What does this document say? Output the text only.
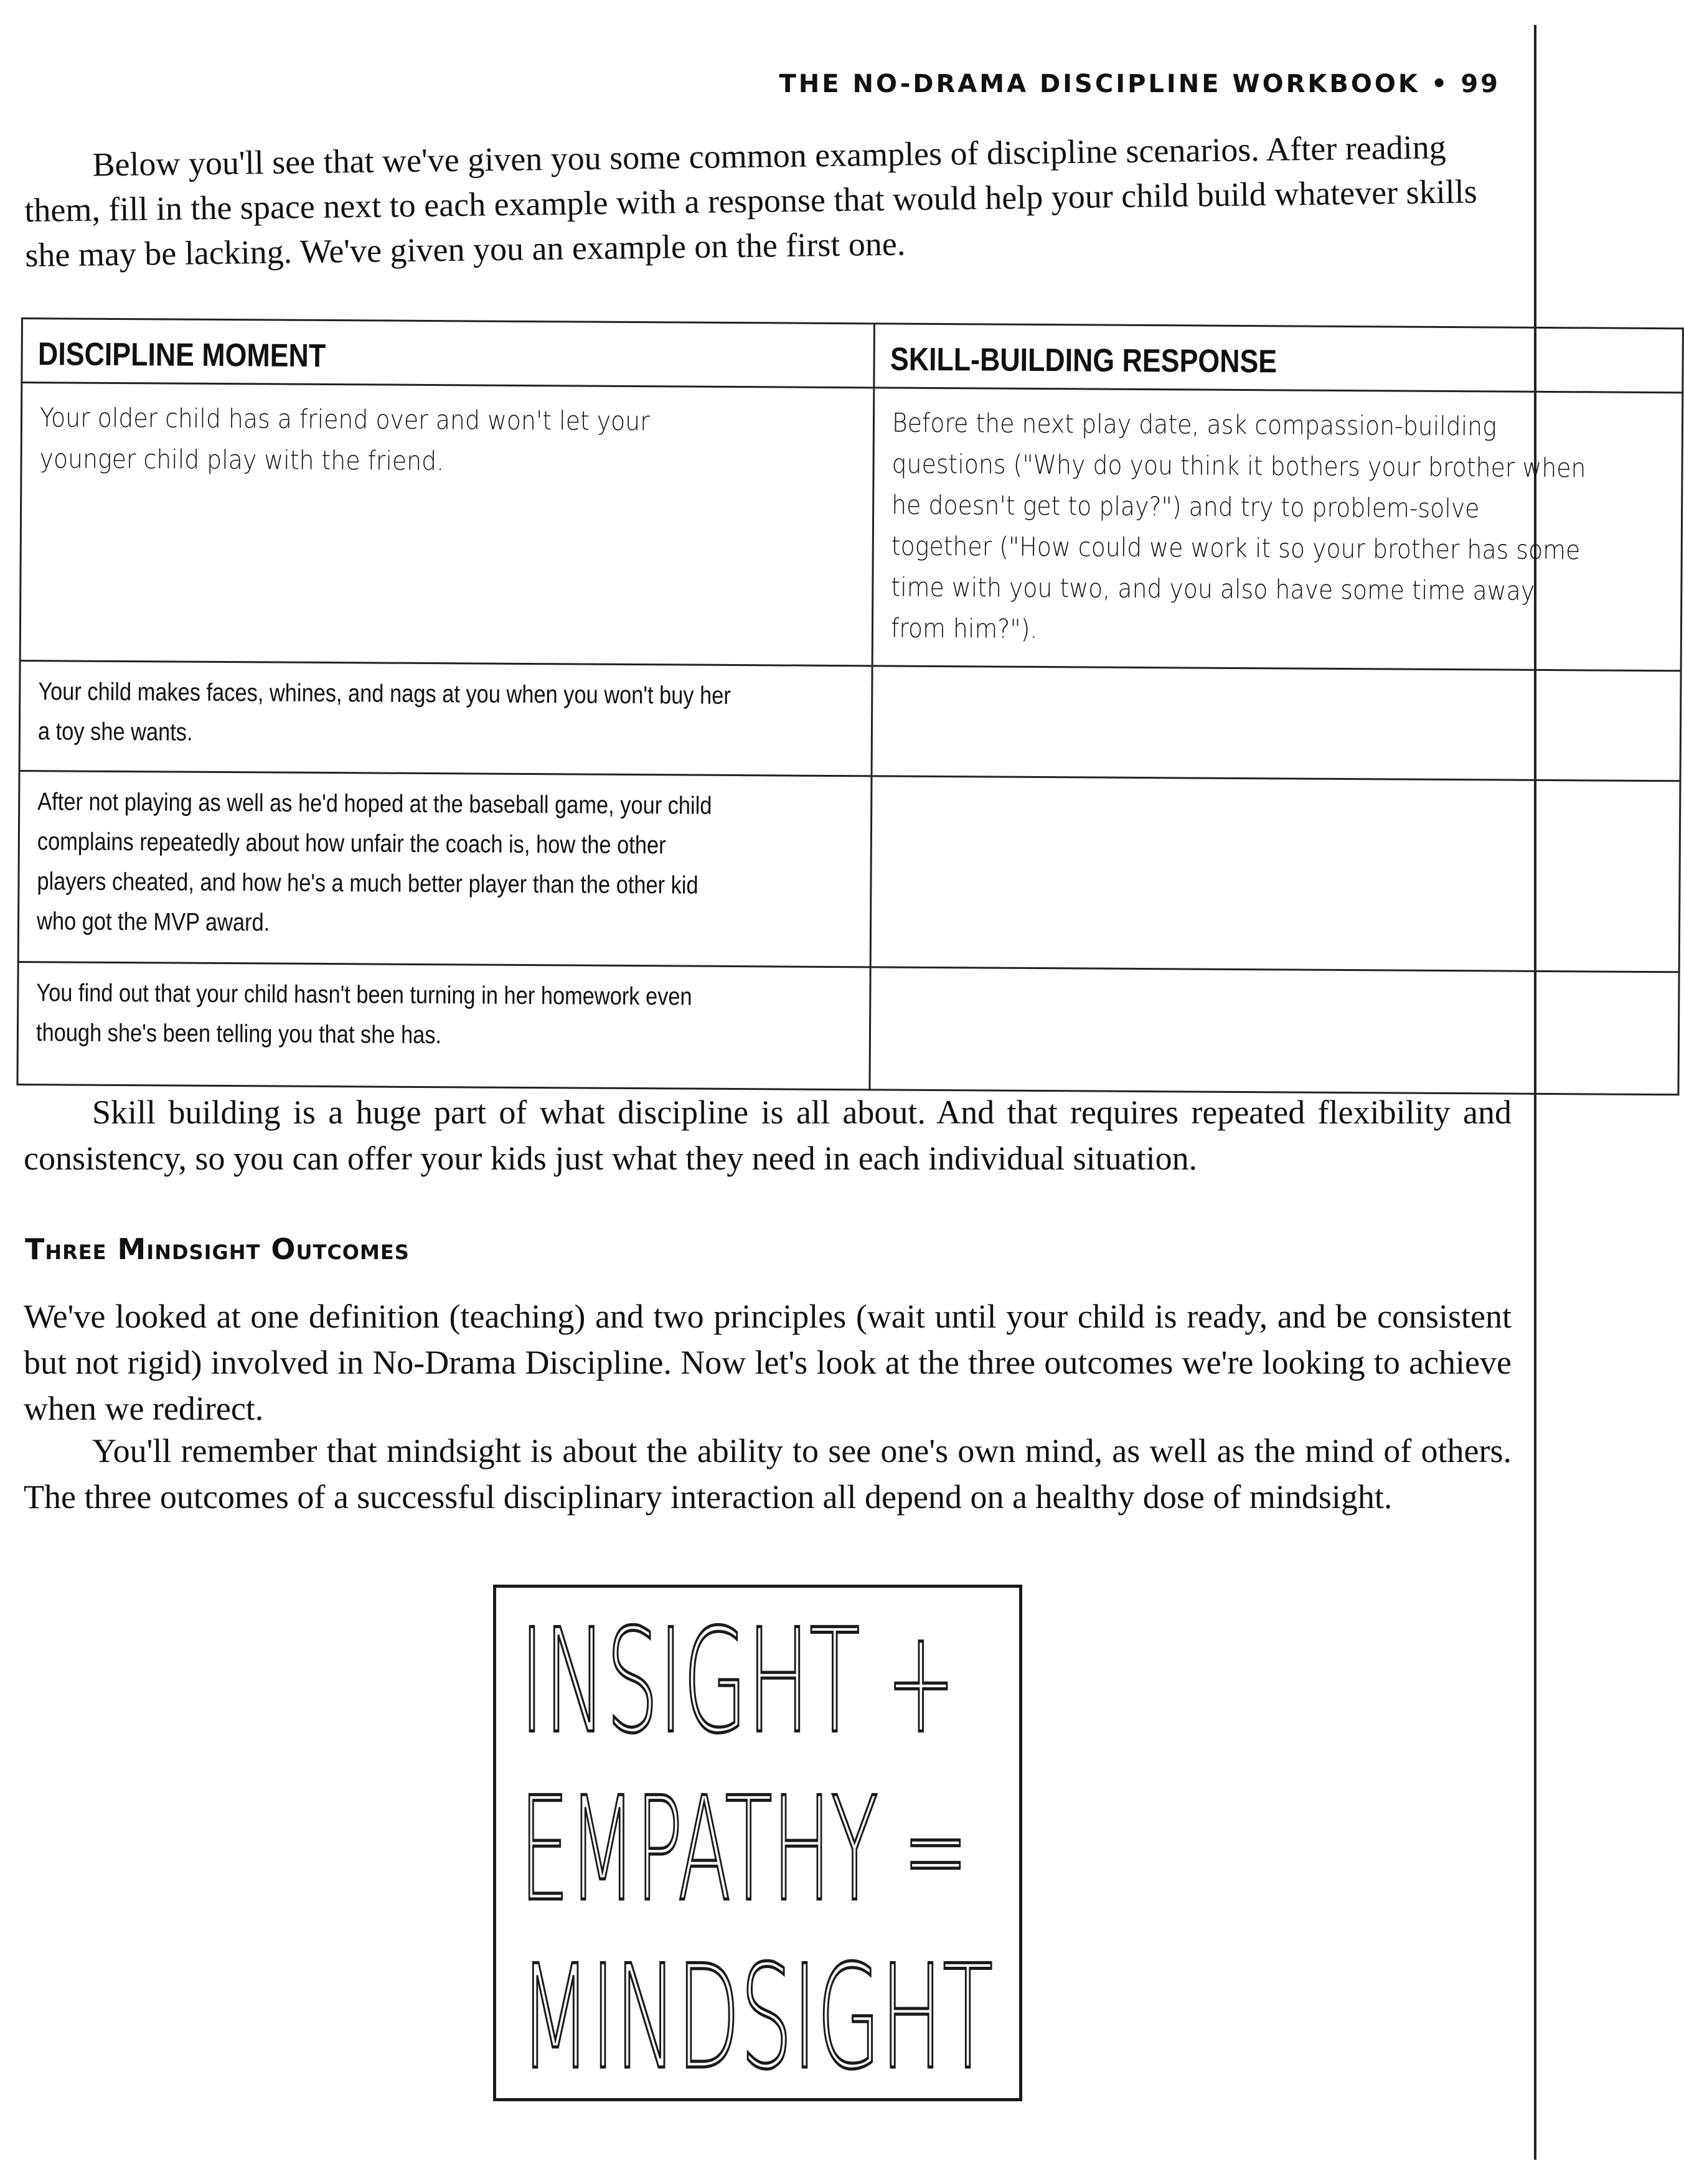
THE NO-DRAMA DISCIPLINE WORKBOOK • 99

Below you'll see that we've given you some common examples of discipline scenarios. After reading them, fill in the space next to each example with a response that would help your child build whatever skills she may be lacking. We've given you an example on the first one.

DISCIPLINE MOMENT	SKILL-BUILDING RESPONSE

Your older child has a friend over and won't let your younger child play with the friend.	Before the next play date, ask compassion-building questions ("Why do you think it bothers your brother when he doesn't get to play?") and try to problem-solve together ("How could we work it so your brother has some time with you two, and you also have some time away from him?").

Your child makes faces, whines, and nags at you when you won't buy her a toy she wants.	

After not playing as well as he'd hoped at the baseball game, your child complains repeatedly about how unfair the coach is, how the other players cheated, and how he's a much better player than the other kid who got the MVP award.	

You find out that your child hasn't been turning in her homework even though she's been telling you that she has.	

Skill building is a huge part of what discipline is all about. And that requires repeated flexibility and consistency, so you can offer your kids just what they need in each individual situation.

Three Mindsight Outcomes

We've looked at one definition (teaching) and two principles (wait until your child is ready, and be consistent but not rigid) involved in No-Drama Discipline. Now let's look at the three outcomes we're looking to achieve when we redirect.

You'll remember that mindsight is about the ability to see one's own mind, as well as the mind of others. The three outcomes of a successful disciplinary interaction all depend on a healthy dose of mindsight.

INSIGHT +
EMPATHY =
MINDSIGHT
